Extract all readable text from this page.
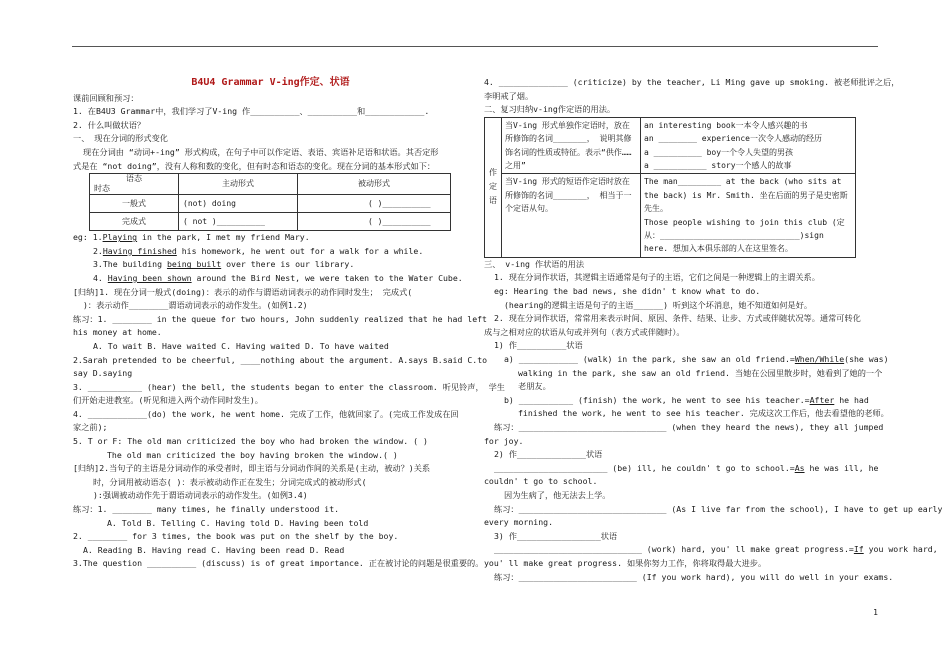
B4U4 Grammar V-ing作定、状语
课前回顾和预习：
1. 在B4U3 Grammar中，我们学习了V-ing 作__________、__________和____________.
2. 什么叫做状语？
一、 现在分词的形式变化
现在分词由 “动词+-ing” 形式构成，在句子中可以作定语、表语、宾语补足语和状语。其否定形
式是在 “not doing”，没有人称和数的变化，但有时态和语态的变化。现在分词的基本形式如下：
语态
时态	主动形式	被动形式
一般式	(not) doing	( )__________
完成式	( not )__________	( )__________
eg: 1.Playing in the park, I met my friend Mary.
2.Having finished his homework, he went out for a walk for a while.
3.The building being built over there is our library.
4. Having been shown around the Bird Nest, we were taken to the Water Cube.
[归纳]1. 现在分词一般式(doing)：表示的动作与谓语动词表示的动作同时发生； 完成式(
)：表示动作________谓语动词表示的动作发生。(如例1.2)
练习：1. ________ in the queue for two hours, John suddenly realized that he had left
his money at home.
A. To wait B. Have waited C. Having waited D. To have waited
2.Sarah pretended to be cheerful, ____nothing about the argument. A.says B.said C.to
say D.saying
3. ___________ (hear) the bell, the students began to enter the classroom. 听见铃声， 学生
们开始走进教室。(听见和进入两个动作同时发生)。
4. ____________(do) the work, he went home. 完成了工作，他就回家了。(完成工作发成在回
家之前);
5. T or F: The old man criticized the boy who had broken the window. ( )
The old man criticized the boy having broken the window.( )
[归纳]2.当句子的主语是分词动作的承受者时，即主语与分词动作间的关系是(主动，被动？)关系
时，分词用被动语态( )：表示被动动作正在发生；分词完成式的被动形式(
):强调被动动作先于谓语动词表示的动作发生。(如例3.4)
练习：1. ________ many times, he finally understood it.
A. Told B. Telling C. Having told D. Having been told
2. ________ for 3 times, the book was put on the shelf by the boy.
A. Reading B. Having read C. Having been read D. Read
3.The question __________ (discuss) is of great importance. 正在被讨论的问题是很重要的。
4. ______________ (criticize) by the teacher, Li Ming gave up smoking. 被老师批评之后，
李明戒了烟。
二、复习归纳v-ing作定语的用法。
作定语	当V-ing 形式单独作定语时，放在所修饰的名词_______， 说明其修饰名词的性质或特征。表示“供作……之用”	an interesting book一本令人感兴趣的书
an ________ experience一次令人感动的经历
a __________ boy一个令人失望的男孩
a ___________ story一个感人的故事
	当V-ing 形式的短语作定语时放在所修饰的名词_______， 相当于一个定语从句。	The man_________ at the back (who sits at the back) is Mr. Smith. 坐在后面的男子是史密斯先生。
Those people wishing to join this club (定从：_____________________________)sign here. 想加入本俱乐部的人在这里签名。
三、 v-ing 作状语的用法
1. 现在分词作状语，其逻辑主语通常是句子的主语，它们之间是一种逻辑上的主谓关系。
eg: Hearing the bad news, she didn' t know what to do.
(hearing的逻辑主语是句子的主语______) 听到这个坏消息，她不知道如何是好。
2. 现在分词作状语，常常用来表示时间、原因、条件、结果、让步、方式或伴随状况等。通常可转化
成与之相对应的状语从句或并列句（表方式或伴随时）。
1) 作__________状语
a) ____________ (walk) in the park, she saw an old friend.=When/While(she was)
walking in the park, she saw an old friend. 当她在公园里散步时，她看到了她的一个
老朋友。
b) ___________ (finish) the work, he went to see his teacher.=After he had
finished the work, he went to see his teacher. 完成这次工作后，他去看望他的老师。
练习：______________________________ (when they heard the news), they all jumped
for joy.
2) 作______________状语
_______________________ (be) ill, he couldn' t go to school.=As he was ill, he
couldn' t go to school.
因为生病了，他无法去上学。
练习：______________________________ (As I live far from the school), I have to get up early
every morning.
3) 作_________________状语
______________________________ (work) hard, you' ll make great progress.=If you work hard,
you' ll make great progress. 如果你努力工作，你将取得最大进步。
练习：________________________ (If you work hard), you will do well in your exams.
1
